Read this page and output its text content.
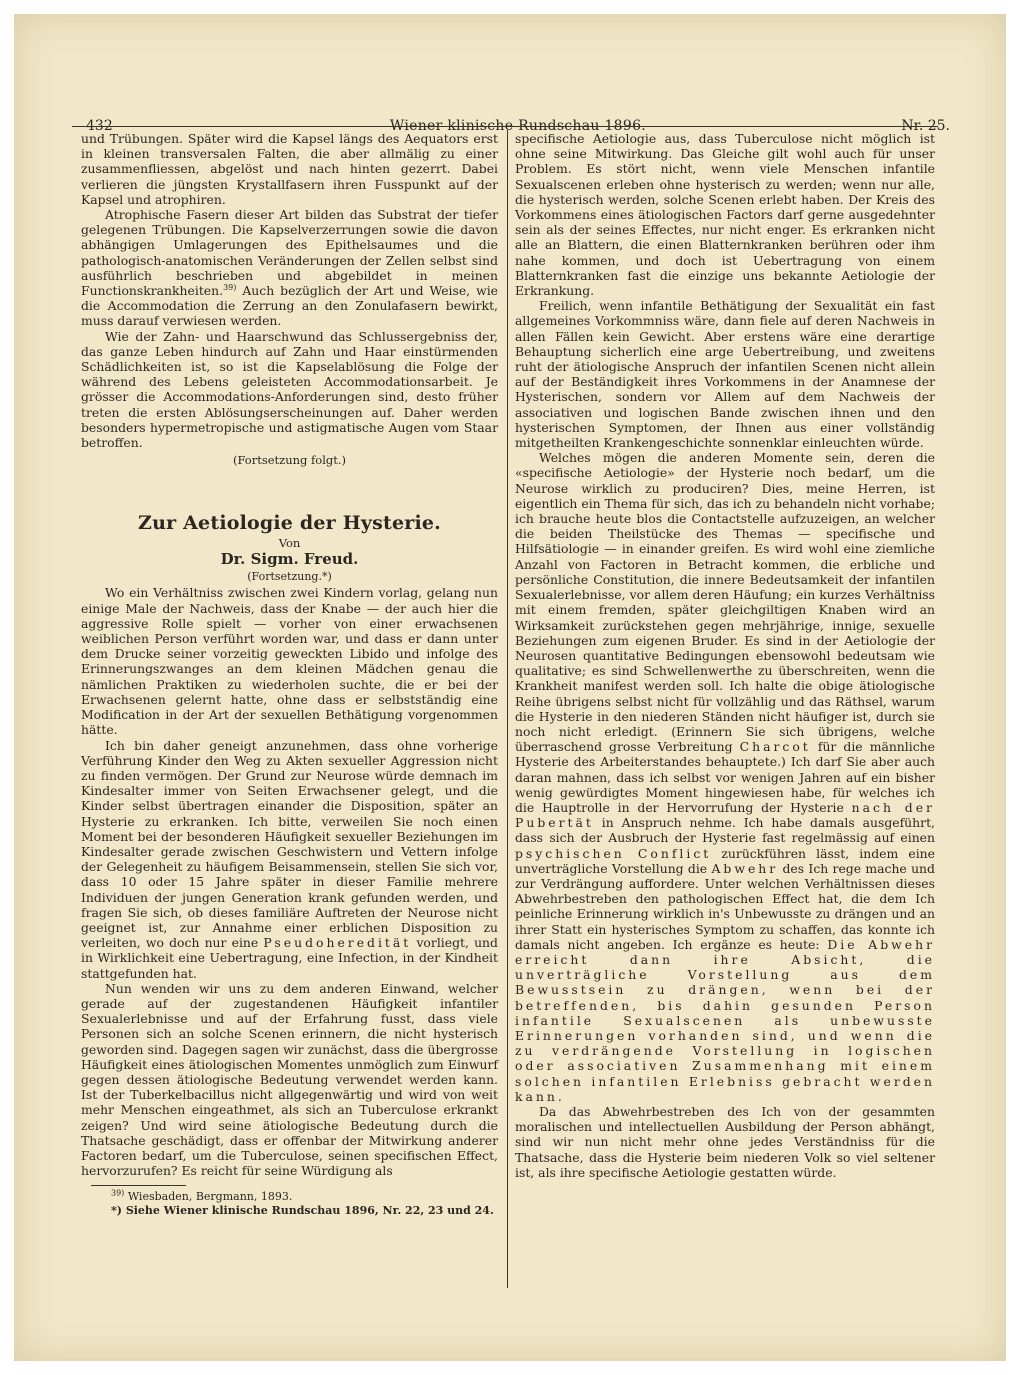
432	Wiener klinische Rundschau 1896.	Nr. 25.

und Trübungen. Später wird die Kapsel längs des Aequators erst in kleinen transversalen Falten, die aber allmälig zu einer zusammenfliessen, abgelöst und nach hinten gezerrt. Dabei verlieren die jüngsten Krystallfasern ihren Fusspunkt auf der Kapsel und atrophiren.

Atrophische Fasern dieser Art bilden das Substrat der tiefer gelegenen Trübungen. Die Kapselverzerrungen sowie die davon abhängigen Umlagerungen des Epithelsaumes und die pathologisch-anatomischen Veränderungen der Zellen selbst sind ausführlich beschrieben und abgebildet in meinen Functionskrankheiten.$^{39)}$ Auch bezüglich der Art und Weise, wie die Accommodation die Zerrung an den Zonulafasern bewirkt, muss darauf verwiesen werden.

Wie der Zahn- und Haarschwund das Schlussergebniss der, das ganze Leben hindurch auf Zahn und Haar einstürmenden Schädlichkeiten ist, so ist die Kapselablösung die Folge der während des Lebens geleisteten Accommodationsarbeit. Je grösser die Accommodations-Anforderungen sind, desto früher treten die ersten Ablösungserscheinungen auf. Daher werden besonders hypermetropische und astigmatische Augen vom Staar betroffen.

(Fortsetzung folgt.)
Zur Aetiologie der Hysterie.
Von
Dr. Sigm. Freud.
(Fortsetzung.*)

Wo ein Verhältniss zwischen zwei Kindern vorlag, gelang nun einige Male der Nachweis, dass der Knabe — der auch hier die aggressive Rolle spielt — vorher von einer erwachsenen weiblichen Person verführt worden war, und dass er dann unter dem Drucke seiner vorzeitig geweckten Libido und infolge des Erinnerungszwanges an dem kleinen Mädchen genau die nämlichen Praktiken zu wiederholen suchte, die er bei der Erwachsenen gelernt hatte, ohne dass er selbstständig eine Modification in der Art der sexuellen Bethätigung vorgenommen hätte.

Ich bin daher geneigt anzunehmen, dass ohne vorherige Verführung Kinder den Weg zu Akten sexueller Aggression nicht zu finden vermögen. Der Grund zur Neurose würde demnach im Kindesalter immer von Seiten Erwachsener gelegt, und die Kinder selbst übertragen einander die Disposition, später an Hysterie zu erkranken. Ich bitte, verweilen Sie noch einen Moment bei der besonderen Häufigkeit sexueller Beziehungen im Kindesalter gerade zwischen Geschwistern und Vettern infolge der Gelegenheit zu häufigem Beisammensein, stellen Sie sich vor, dass 10 oder 15 Jahre später in dieser Familie mehrere Individuen der jungen Generation krank gefunden werden, und fragen Sie sich, ob dieses familiäre Auftreten der Neurose nicht geeignet ist, zur Annahme einer erblichen Disposition zu verleiten, wo doch nur eine Pseudoheredität vorliegt, und in Wirklichkeit eine Uebertragung, eine Infection, in der Kindheit stattgefunden hat.

Nun wenden wir uns zu dem anderen Einwand, welcher gerade auf der zugestandenen Häufigkeit infantiler Sexualerlebnisse und auf der Erfahrung fusst, dass viele Personen sich an solche Scenen erinnern, die nicht hysterisch geworden sind. Dagegen sagen wir zunächst, dass die übergrosse Häufigkeit eines ätiologischen Momentes unmöglich zum Einwurf gegen dessen ätiologische Bedeutung verwendet werden kann. Ist der Tuberkelbacillus nicht allgegenwärtig und wird von weit mehr Menschen eingeathmet, als sich an Tuberculose erkrankt zeigen? Und wird seine ätiologische Bedeutung durch die Thatsache geschädigt, dass er offenbar der Mitwirkung anderer Factoren bedarf, um die Tuberculose, seinen specifischen Effect, hervorzurufen? Es reicht für seine Würdigung als

$^{39)}$ Wiesbaden, Bergmann, 1893.
*) Siehe Wiener klinische Rundschau 1896, Nr. 22, 23 und 24.

specifische Aetiologie aus, dass Tuberculose nicht möglich ist ohne seine Mitwirkung. Das Gleiche gilt wohl auch für unser Problem. Es stört nicht, wenn viele Menschen infantile Sexualscenen erleben ohne hysterisch zu werden; wenn nur alle, die hysterisch werden, solche Scenen erlebt haben. Der Kreis des Vorkommens eines ätiologischen Factors darf gerne ausgedehnter sein als der seines Effectes, nur nicht enger. Es erkranken nicht alle an Blattern, die einen Blatternkranken berühren oder ihm nahe kommen, und doch ist Uebertragung von einem Blatternkranken fast die einzige uns bekannte Aetiologie der Erkrankung.

Freilich, wenn infantile Bethätigung der Sexualität ein fast allgemeines Vorkommniss wäre, dann fiele auf deren Nachweis in allen Fällen kein Gewicht. Aber erstens wäre eine derartige Behauptung sicherlich eine arge Uebertreibung, und zweitens ruht der ätiologische Anspruch der infantilen Scenen nicht allein auf der Beständigkeit ihres Vorkommens in der Anamnese der Hysterischen, sondern vor Allem auf dem Nachweis der associativen und logischen Bande zwischen ihnen und den hysterischen Symptomen, der Ihnen aus einer vollständig mitgetheilten Krankengeschichte sonnenklar einleuchten würde.

Welches mögen die anderen Momente sein, deren die «specifische Aetiologie» der Hysterie noch bedarf, um die Neurose wirklich zu produciren? Dies, meine Herren, ist eigentlich ein Thema für sich, das ich zu behandeln nicht vorhabe; ich brauche heute blos die Contactstelle aufzuzeigen, an welcher die beiden Theilstücke des Themas — specifische und Hilfsätiologie — in einander greifen. Es wird wohl eine ziemliche Anzahl von Factoren in Betracht kommen, die erbliche und persönliche Constitution, die innere Bedeutsamkeit der infantilen Sexualerlebnisse, vor allem deren Häufung; ein kurzes Verhältniss mit einem fremden, später gleichgiltigen Knaben wird an Wirksamkeit zurückstehen gegen mehrjährige, innige, sexuelle Beziehungen zum eigenen Bruder. Es sind in der Aetiologie der Neurosen quantitative Bedingungen ebensowohl bedeutsam wie qualitative; es sind Schwellenwerthe zu überschreiten, wenn die Krankheit manifest werden soll. Ich halte die obige ätiologische Reihe übrigens selbst nicht für vollzählig und das Räthsel, warum die Hysterie in den niederen Ständen nicht häufiger ist, durch sie noch nicht erledigt. (Erinnern Sie sich übrigens, welche überraschend grosse Verbreitung Charcot für die männliche Hysterie des Arbeiterstandes behauptete.) Ich darf Sie aber auch daran mahnen, dass ich selbst vor wenigen Jahren auf ein bisher wenig gewürdigtes Moment hingewiesen habe, für welches ich die Hauptrolle in der Hervorrufung der Hysterie nach der Pubertät in Anspruch nehme. Ich habe damals ausgeführt, dass sich der Ausbruch der Hysterie fast regelmässig auf einen psychischen Conflict zurückführen lässt, indem eine unverträgliche Vorstellung die Abwehr des Ich rege mache und zur Verdrängung auffordere. Unter welchen Verhältnissen dieses Abwehrbestreben den pathologischen Effect hat, die dem Ich peinliche Erinnerung wirklich in's Unbewusste zu drängen und an ihrer Statt ein hysterisches Symptom zu schaffen, das konnte ich damals nicht angeben. Ich ergänze es heute: Die Abwehr erreicht dann ihre Absicht, die unverträgliche Vorstellung aus dem Bewusstsein zu drängen, wenn bei der betreffenden, bis dahin gesunden Person infantile Sexualscenen als unbewusste Erinnerungen vorhanden sind, und wenn die zu verdrängende Vorstellung in logischen oder associativen Zusammenhang mit einem solchen infantilen Erlebniss gebracht werden kann.

Da das Abwehrbestreben des Ich von der gesammten moralischen und intellectuellen Ausbildung der Person abhängt, sind wir nun nicht mehr ohne jedes Verständniss für die Thatsache, dass die Hysterie beim niederen Volk so viel seltener ist, als ihre specifische Aetiologie gestatten würde.
